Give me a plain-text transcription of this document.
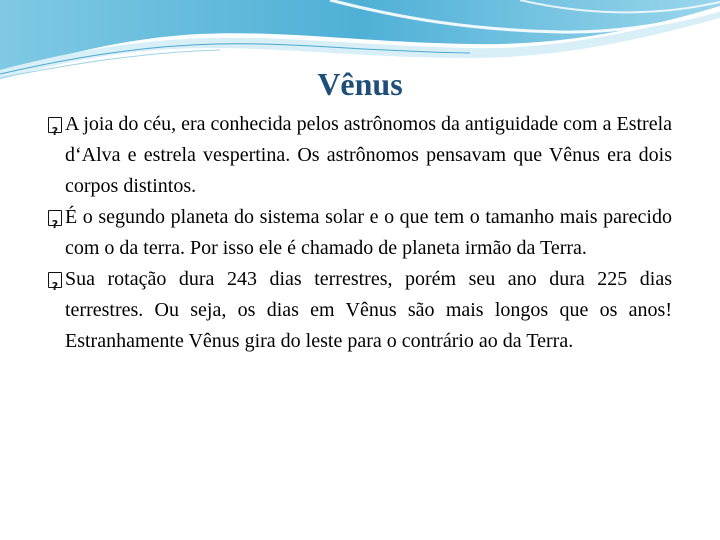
Vênus
?
A joia do céu, era conhecida pelos astrônomos da antiguidade com a Estrela d‘Alva e estrela vespertina. Os astrônomos pensavam que Vênus era dois corpos distintos.
?
É o segundo planeta do sistema solar e o que tem o tamanho mais parecido com o da terra. Por isso ele é chamado de planeta irmão da Terra.
?
Sua rotação dura 243 dias terrestres, porém seu ano dura 225 dias terrestres. Ou seja, os dias em Vênus são mais longos que os anos! Estranhamente Vênus gira do leste para o contrário ao da Terra.
